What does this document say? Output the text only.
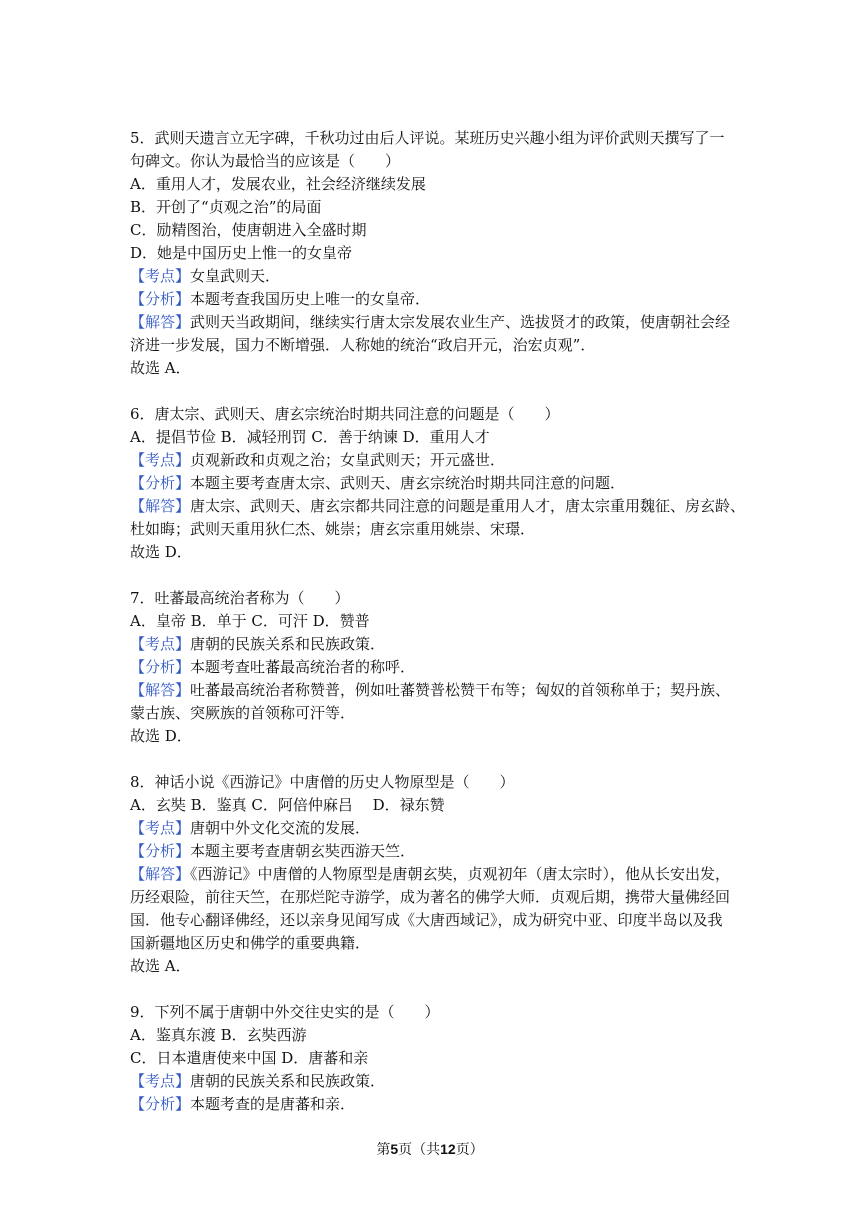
5．武则天遗言立无字碑，千秋功过由后人评说。某班历史兴趣小组为评价武则天撰写了一
句碑文。你认为最恰当的应该是（　　）
A．重用人才，发展农业，社会经济继续发展
B．开创了“贞观之治”的局面
C．励精图治，使唐朝进入全盛时期
D．她是中国历史上惟一的女皇帝
【考点】女皇武则天．
【分析】本题考查我国历史上唯一的女皇帝．
【解答】武则天当政期间，继续实行唐太宗发展农业生产、选拔贤才的政策，使唐朝社会经
济进一步发展，国力不断增强．人称她的统治“政启开元，治宏贞观”．
故选 A．
6．唐太宗、武则天、唐玄宗统治时期共同注意的问题是（　　）
A．提倡节俭 B．减轻刑罚 C．善于纳谏 D．重用人才
【考点】贞观新政和贞观之治；女皇武则天；开元盛世．
【分析】本题主要考查唐太宗、武则天、唐玄宗统治时期共同注意的问题．
【解答】唐太宗、武则天、唐玄宗都共同注意的问题是重用人才，唐太宗重用魏征、房玄龄、
杜如晦；武则天重用狄仁杰、姚崇；唐玄宗重用姚崇、宋璟．
故选 D．
7．吐蕃最高统治者称为（　　）
A．皇帝 B．单于 C．可汗 D．赞普
【考点】唐朝的民族关系和民族政策．
【分析】本题考查吐蕃最高统治者的称呼．
【解答】吐蕃最高统治者称赞普，例如吐蕃赞普松赞干布等；匈奴的首领称单于；契丹族、
蒙古族、突厥族的首领称可汗等．
故选 D．
8．神话小说《西游记》中唐僧的历史人物原型是（　　）
A．玄奘 B．鉴真 C．阿倍仲麻吕　 D．禄东赞
【考点】唐朝中外文化交流的发展．
【分析】本题主要考查唐朝玄奘西游天竺．
【解答】《西游记》中唐僧的人物原型是唐朝玄奘，贞观初年（唐太宗时），他从长安出发，
历经艰险，前往天竺，在那烂陀寺游学，成为著名的佛学大师．贞观后期，携带大量佛经回
国．他专心翻译佛经，还以亲身见闻写成《大唐西域记》，成为研究中亚、印度半岛以及我
国新疆地区历史和佛学的重要典籍．
故选 A．
9．下列不属于唐朝中外交往史实的是（　　）
A．鉴真东渡 B．玄奘西游
C．日本遣唐使来中国 D．唐蕃和亲
【考点】唐朝的民族关系和民族政策．
【分析】本题考查的是唐蕃和亲．
第5页（共12页）
